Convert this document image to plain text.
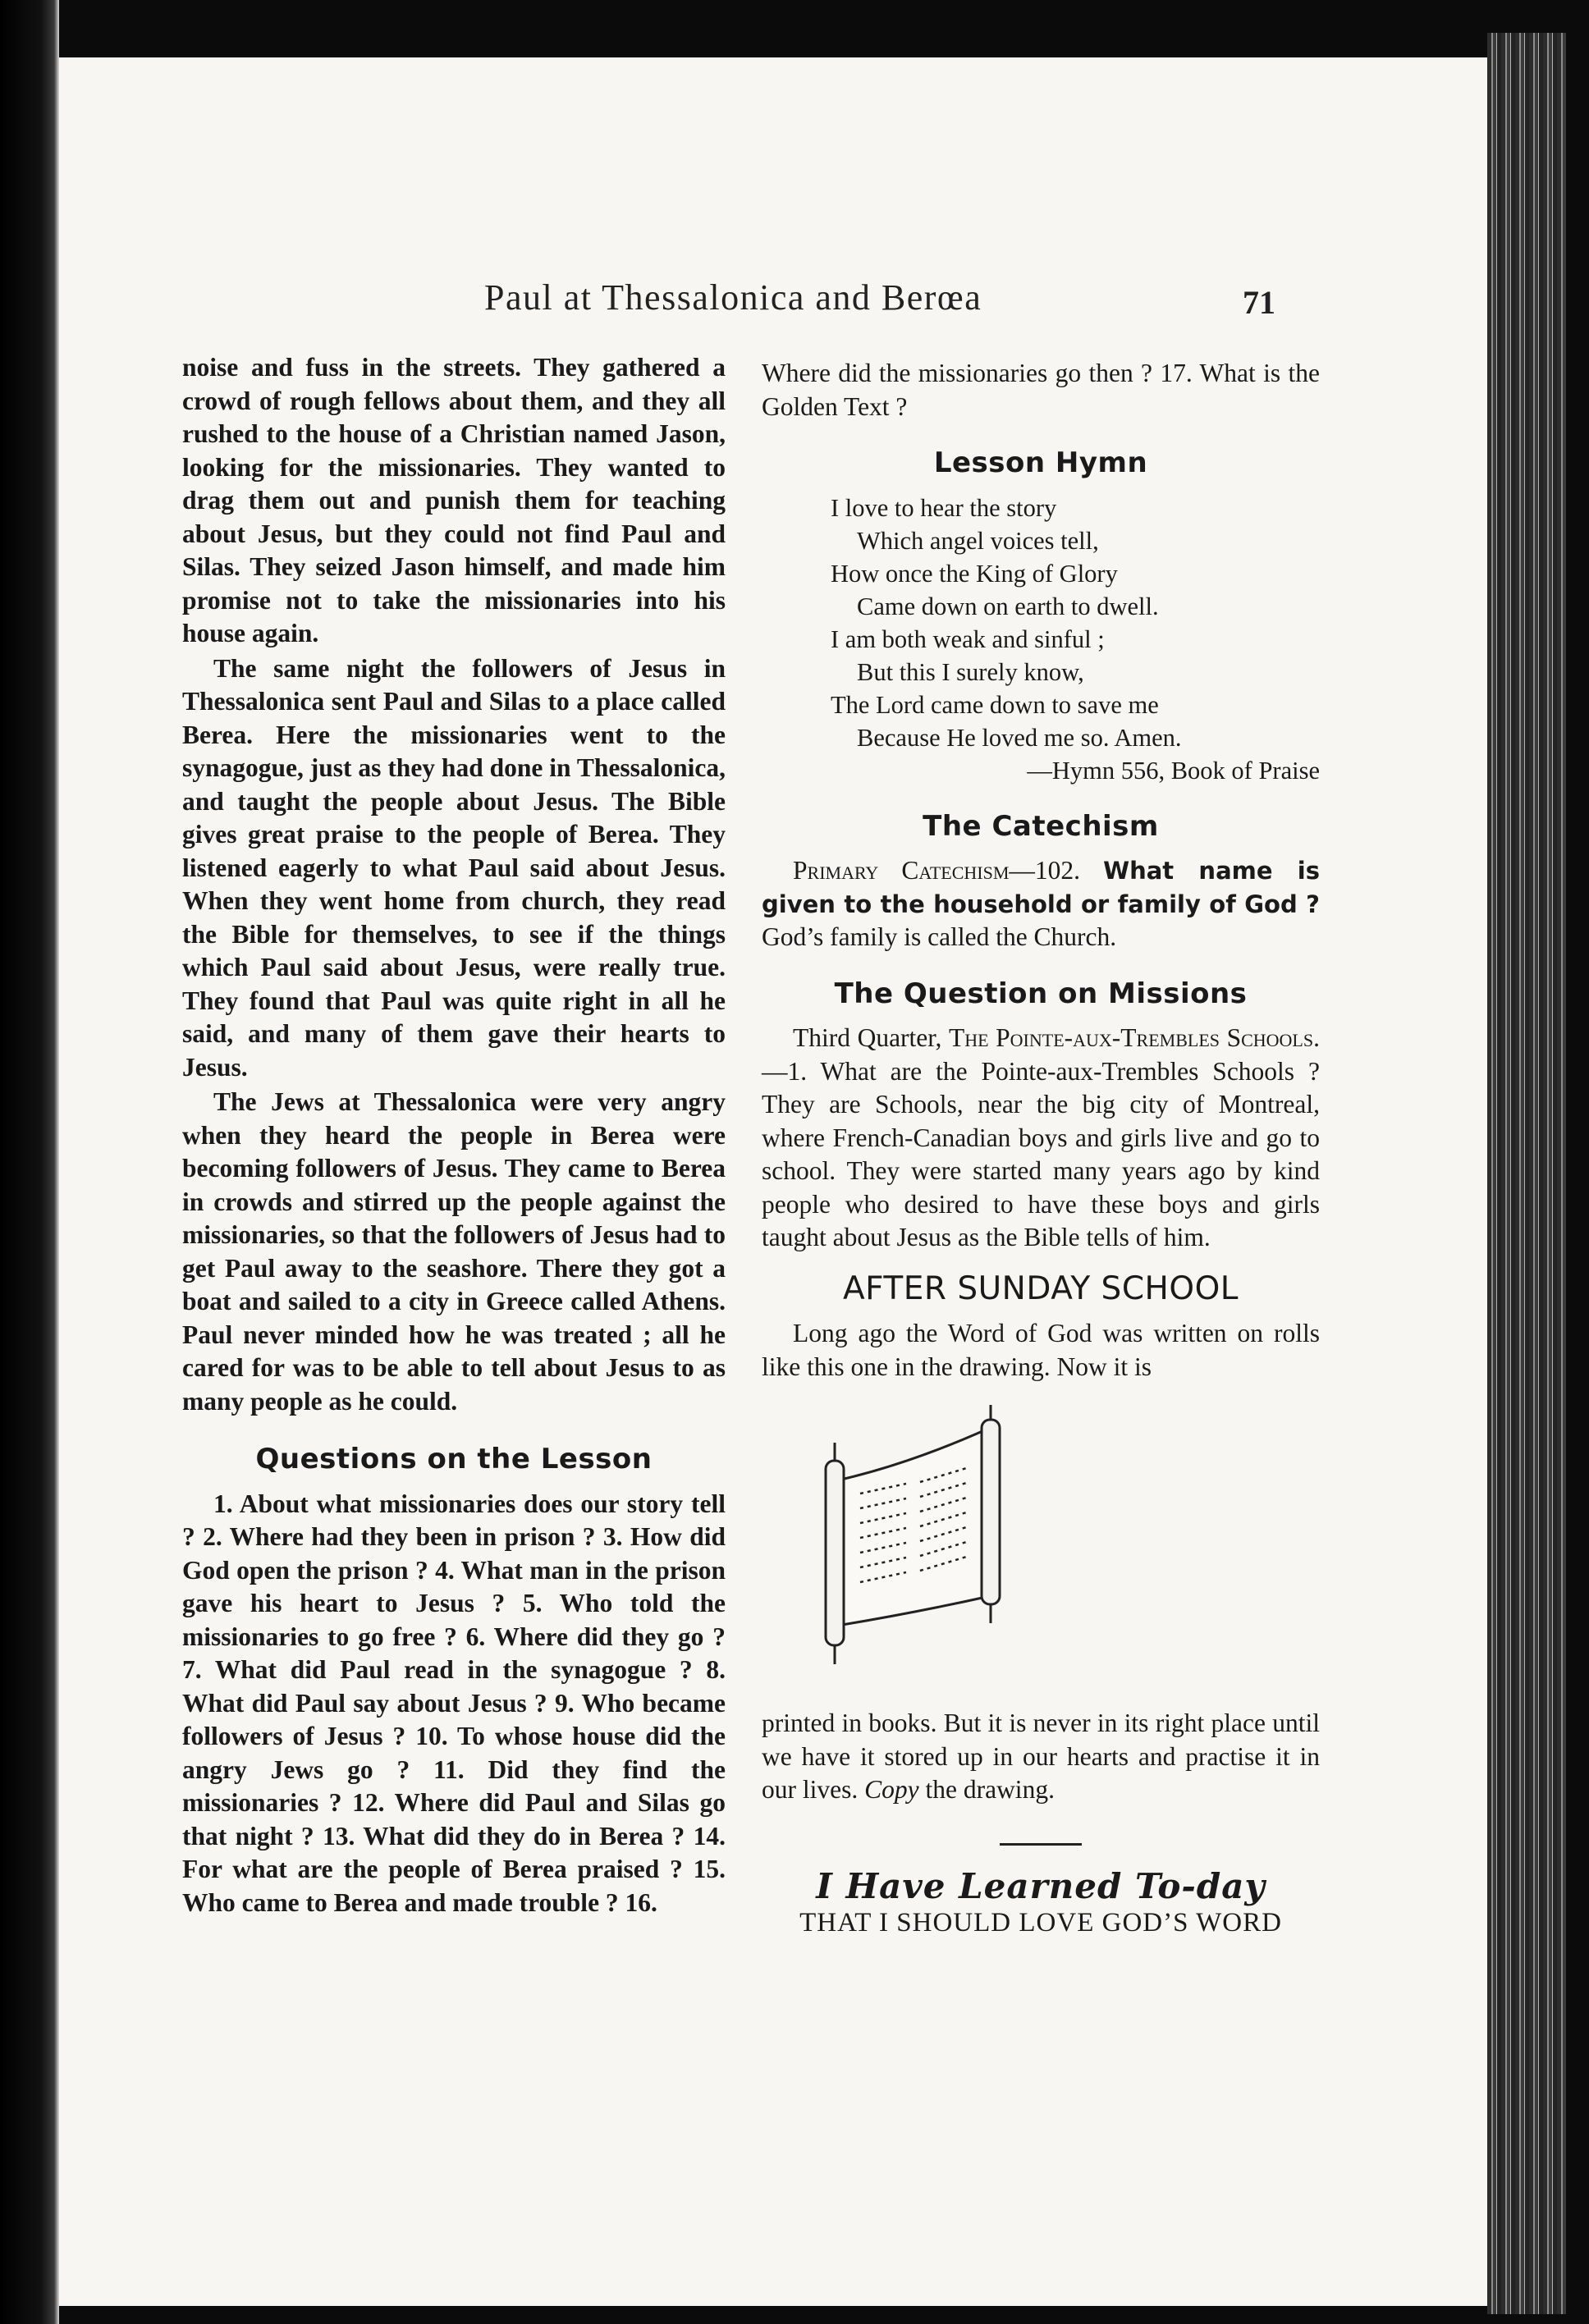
Paul at Thessalonica and Berœa	71

noise and fuss in the streets. They gathered a crowd of rough fellows about them, and they all rushed to the house of a Christian named Jason, looking for the missionaries. They wanted to drag them out and punish them for teaching about Jesus, but they could not find Paul and Silas. They seized Jason himself, and made him promise not to take the missionaries into his house again.

The same night the followers of Jesus in Thessalonica sent Paul and Silas to a place called Berea. Here the missionaries went to the synagogue, just as they had done in Thessalonica, and taught the people about Jesus. The Bible gives great praise to the people of Berea. They listened eagerly to what Paul said about Jesus. When they went home from church, they read the Bible for themselves, to see if the things which Paul said about Jesus, were really true. They found that Paul was quite right in all he said, and many of them gave their hearts to Jesus.

The Jews at Thessalonica were very angry when they heard the people in Berea were becoming followers of Jesus. They came to Berea in crowds and stirred up the people against the missionaries, so that the followers of Jesus had to get Paul away to the seashore. There they got a boat and sailed to a city in Greece called Athens. Paul never minded how he was treated ; all he cared for was to be able to tell about Jesus to as many people as he could.

Questions on the Lesson

1. About what missionaries does our story tell ? 2. Where had they been in prison ? 3. How did God open the prison ? 4. What man in the prison gave his heart to Jesus ? 5. Who told the missionaries to go free ? 6. Where did they go ? 7. What did Paul read in the synagogue ? 8. What did Paul say about Jesus ? 9. Who became followers of Jesus ? 10. To whose house did the angry Jews go ? 11. Did they find the missionaries ? 12. Where did Paul and Silas go that night ? 13. What did they do in Berea ? 14. For what are the people of Berea praised ? 15. Who came to Berea and made trouble ? 16.

Where did the missionaries go then ? 17. What is the Golden Text ?

Lesson Hymn
I love to hear the story
Which angel voices tell,
How once the King of Glory
Came down on earth to dwell.
I am both weak and sinful ;
But this I surely know,
The Lord came down to save me
Because He loved me so. Amen.
—Hymn 556, Book of Praise
The Catechism

Primary Catechism—102. What name is given to the household or family of God ? God’s family is called the Church.

The Question on Missions

Third Quarter, The Pointe-aux-Trembles Schools.—1. What are the Pointe-aux-Trembles Schools ? They are Schools, near the big city of Montreal, where French-Canadian boys and girls live and go to school. They were started many years ago by kind people who desired to have these boys and girls taught about Jesus as the Bible tells of him.

AFTER SUNDAY SCHOOL

Long ago the Word of God was written on rolls like this one in the drawing. Now it is

printed in books. But it is never in its right place until we have it stored up in our hearts and practise it in our lives. Copy the drawing.

I Have Learned To-day
THAT I SHOULD LOVE GOD’S WORD
